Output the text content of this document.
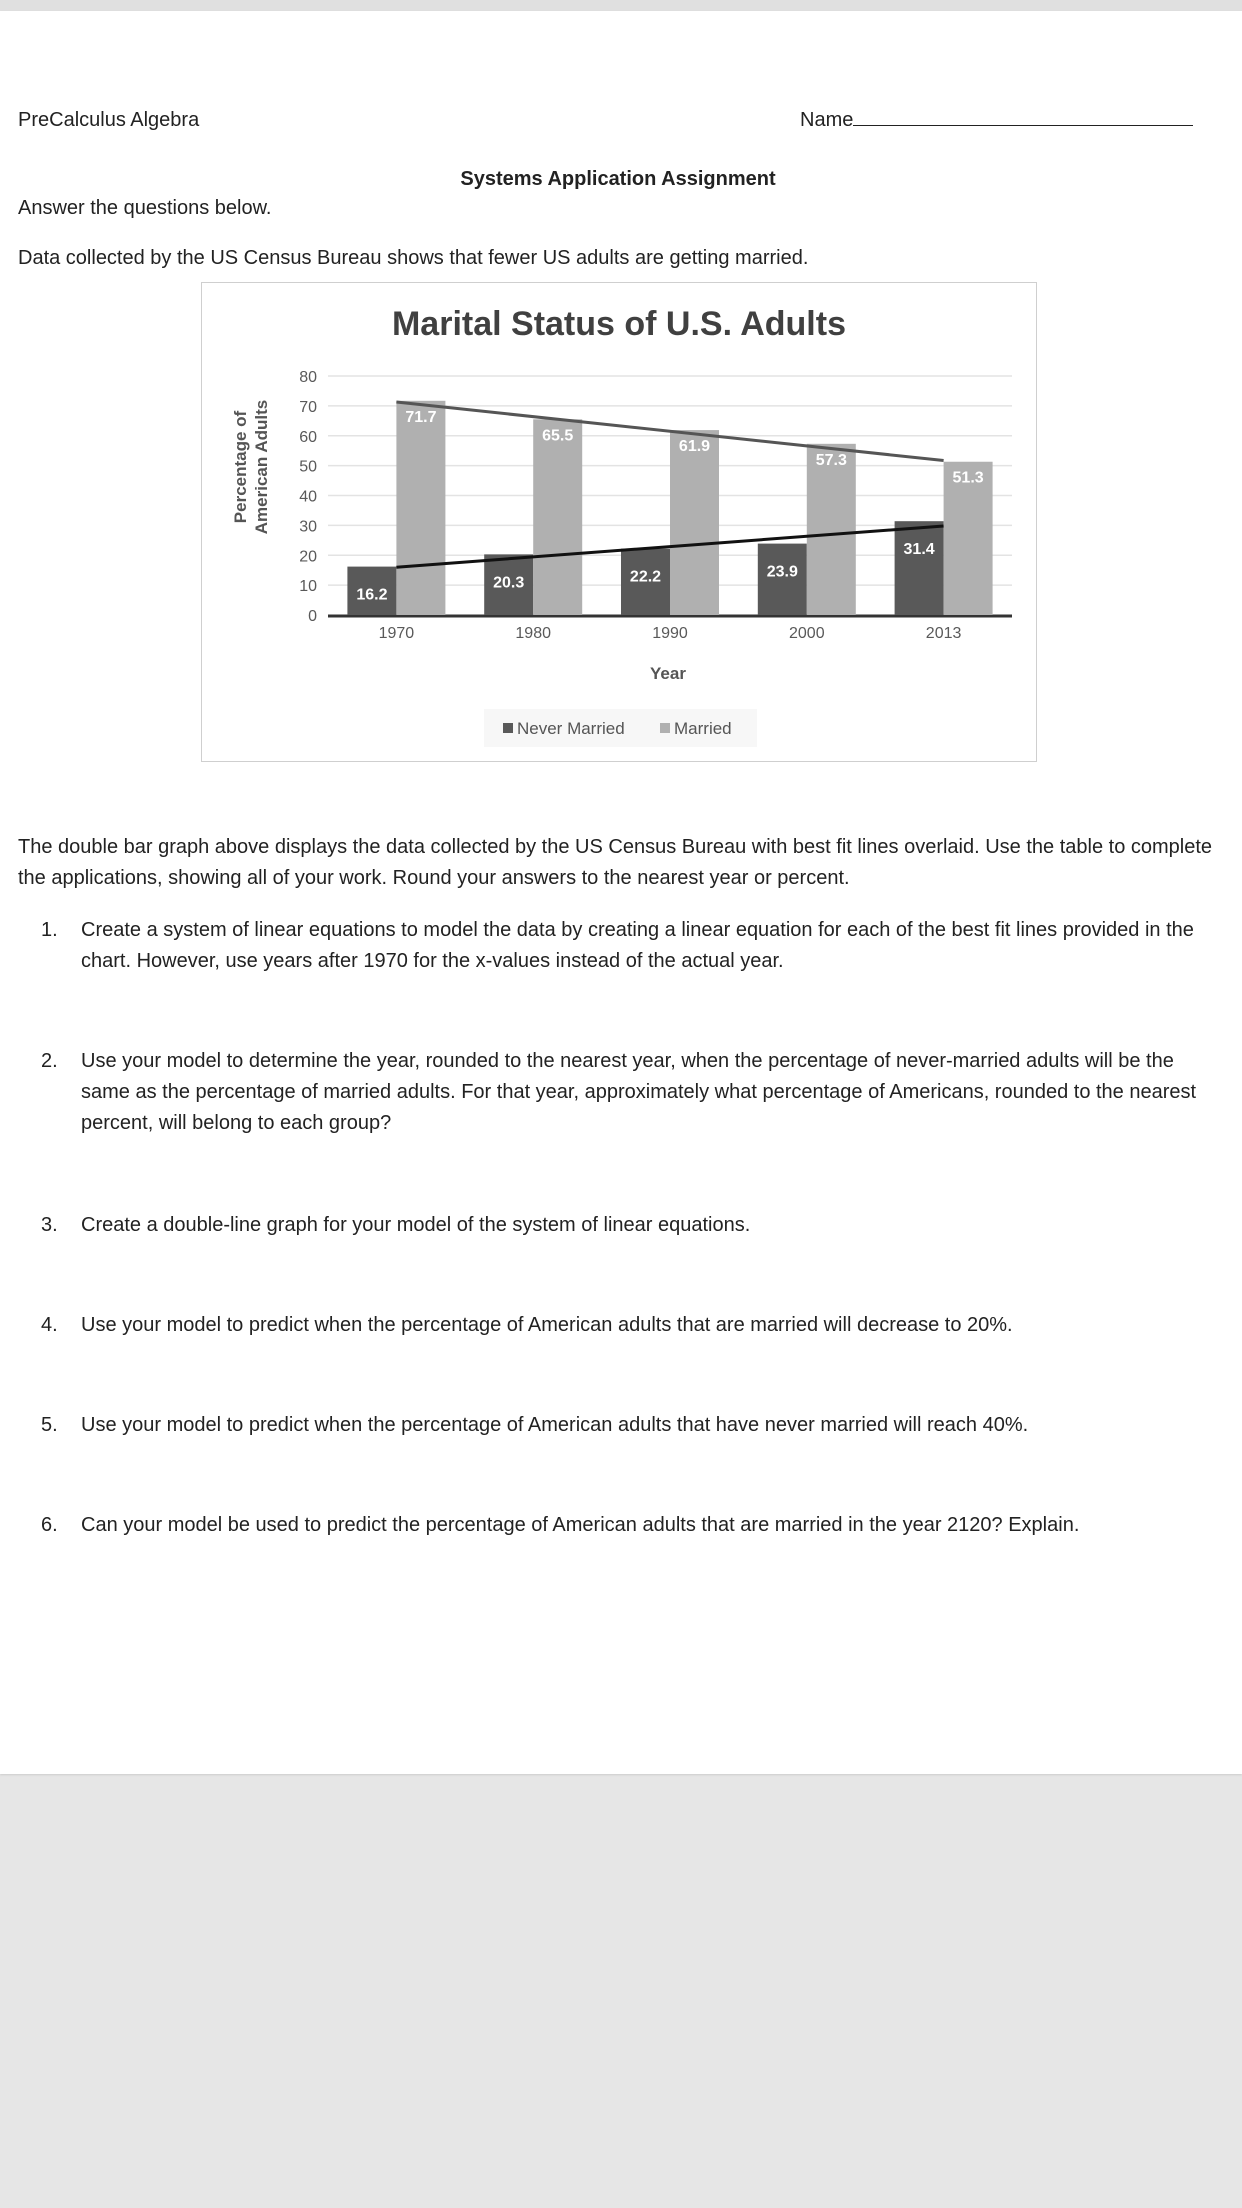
PreCalculus Algebra	Name
Systems Application Assignment
Answer the questions below.
Data collected by the US Census Bureau shows that fewer US adults are getting married.
Marital Status of U.S. Adults
0
10
20
30
40
50
60
70
80
1970
16.2
71.7
1980
20.3
65.5
1990
22.2
61.9
2000
23.9
57.3
2013
31.4
51.3
Percentage of American Adults
Year
Never Married	Married
The double bar graph above displays the data collected by the US Census Bureau with best fit lines overlaid. Use the table to complete the applications, showing all of your work. Round your answers to the nearest year or percent.
1. Create a system of linear equations to model the data by creating a linear equation for each of the best fit lines provided in the chart. However, use years after 1970 for the x-values instead of the actual year.
2. Use your model to determine the year, rounded to the nearest year, when the percentage of never-married adults will be the same as the percentage of married adults. For that year, approximately what percentage of Americans, rounded to the nearest percent, will belong to each group?
3. Create a double-line graph for your model of the system of linear equations.
4. Use your model to predict when the percentage of American adults that are married will decrease to 20%.
5. Use your model to predict when the percentage of American adults that have never married will reach 40%.
6. Can your model be used to predict the percentage of American adults that are married in the year 2120? Explain.
